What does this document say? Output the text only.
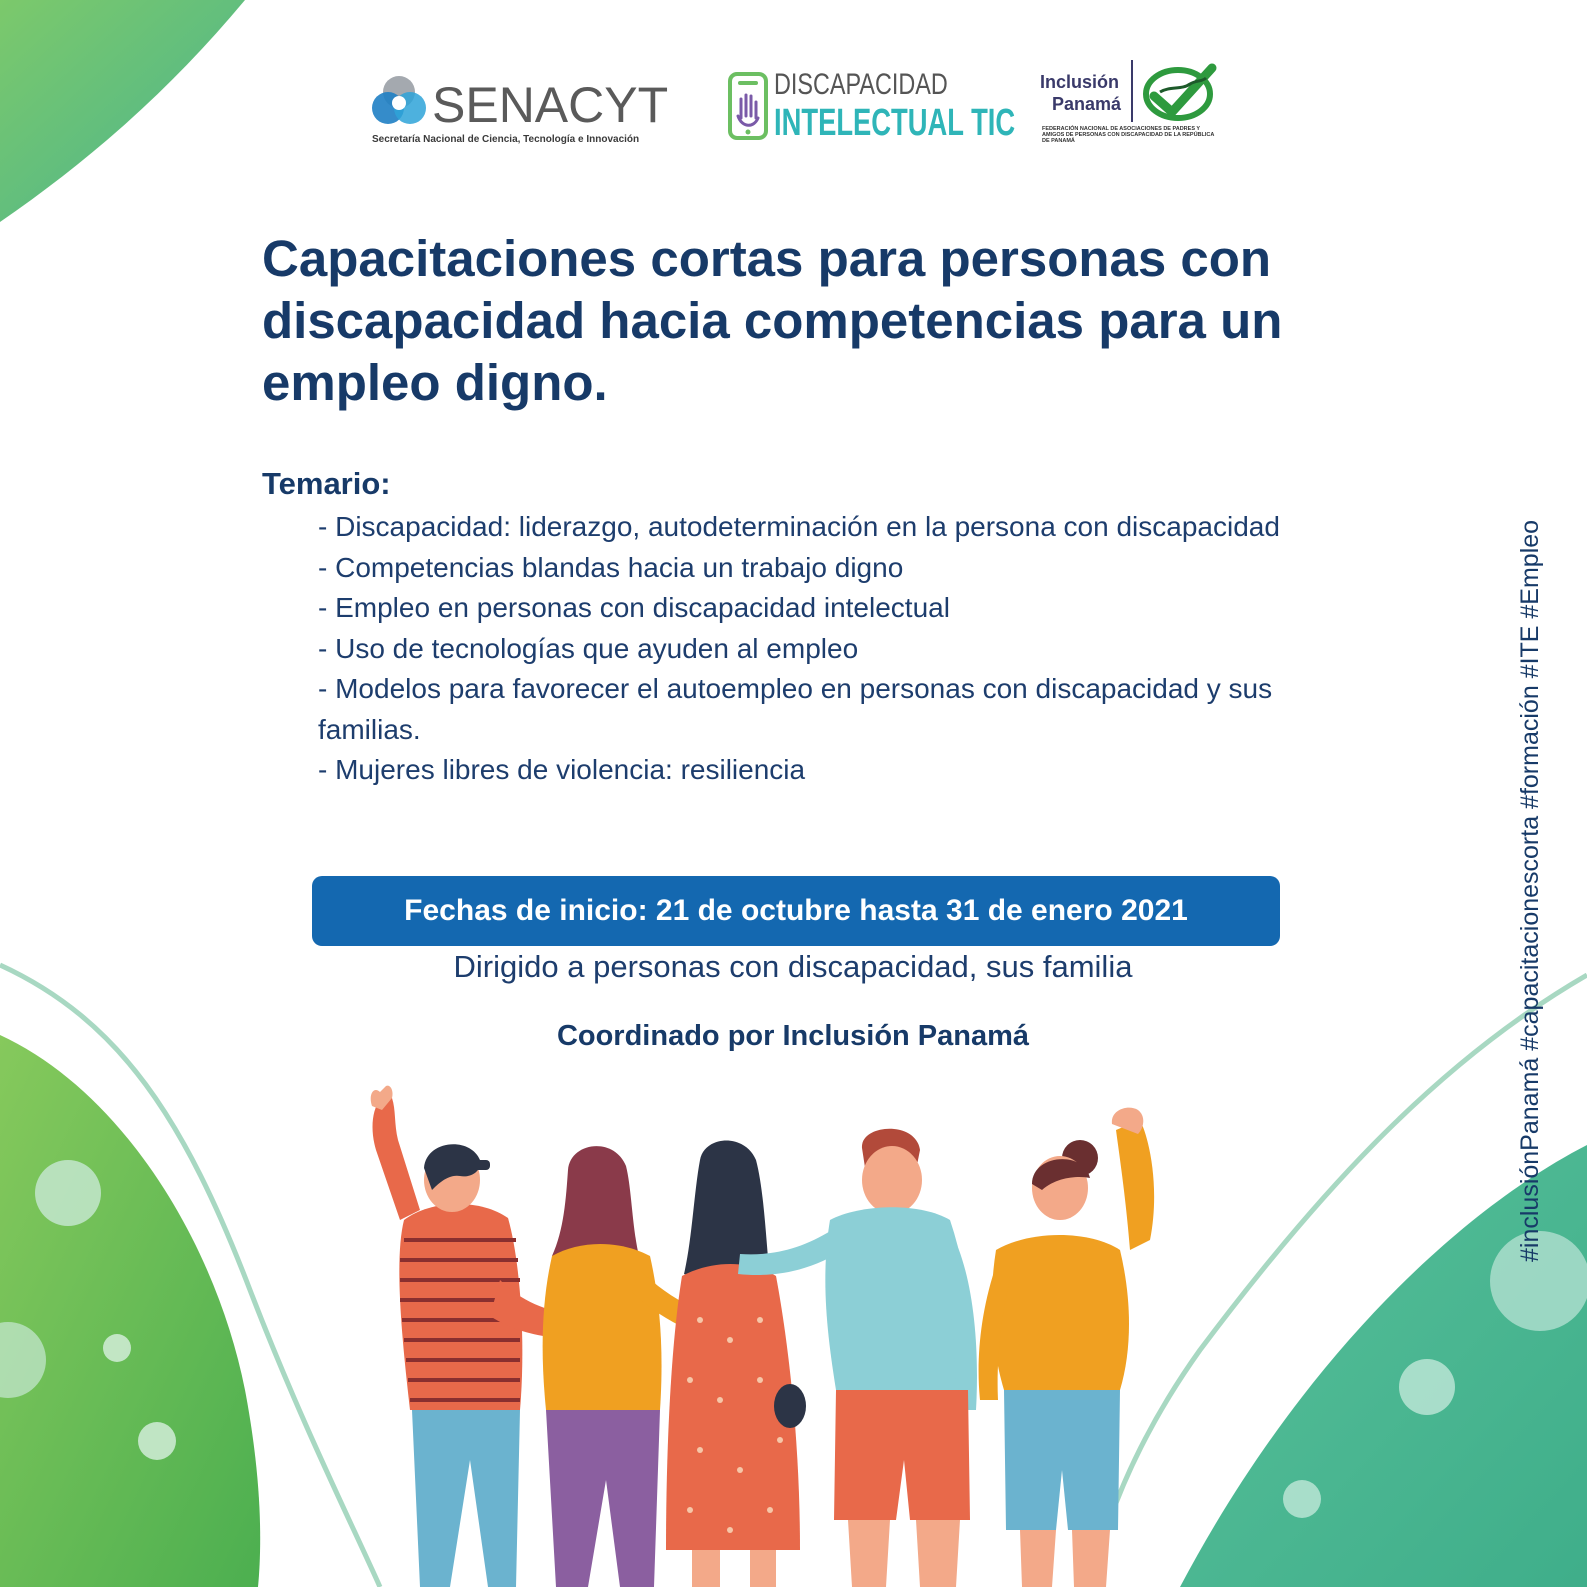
SENACYT
Secretaría Nacional de Ciencia, Tecnología e Innovación
DISCAPACIDAD
INTELECTUAL TIC
Inclusión
Panamá
FEDERACIÓN NACIONAL DE ASOCIACIONES DE PADRES Y AMIGOS DE PERSONAS CON DISCAPACIDAD DE LA REPÚBLICA DE PANAMÁ
Capacitaciones cortas para personas con discapacidad hacia competencias para un empleo digno.
Temario:
- Discapacidad: liderazgo, autodeterminación en la persona con discapacidad
- Competencias blandas hacia un trabajo digno
- Empleo en personas con discapacidad intelectual
- Uso de tecnologías que ayuden al empleo
- Modelos para favorecer el autoempleo en personas con discapacidad y sus familias.
- Mujeres libres de violencia: resiliencia
Fechas de inicio: 21 de octubre hasta 31 de enero 2021
Dirigido a personas con discapacidad, sus familia
Coordinado por Inclusión Panamá	#inclusiónPanamá #capacitacionescorta #formación #ITE #Empleo
